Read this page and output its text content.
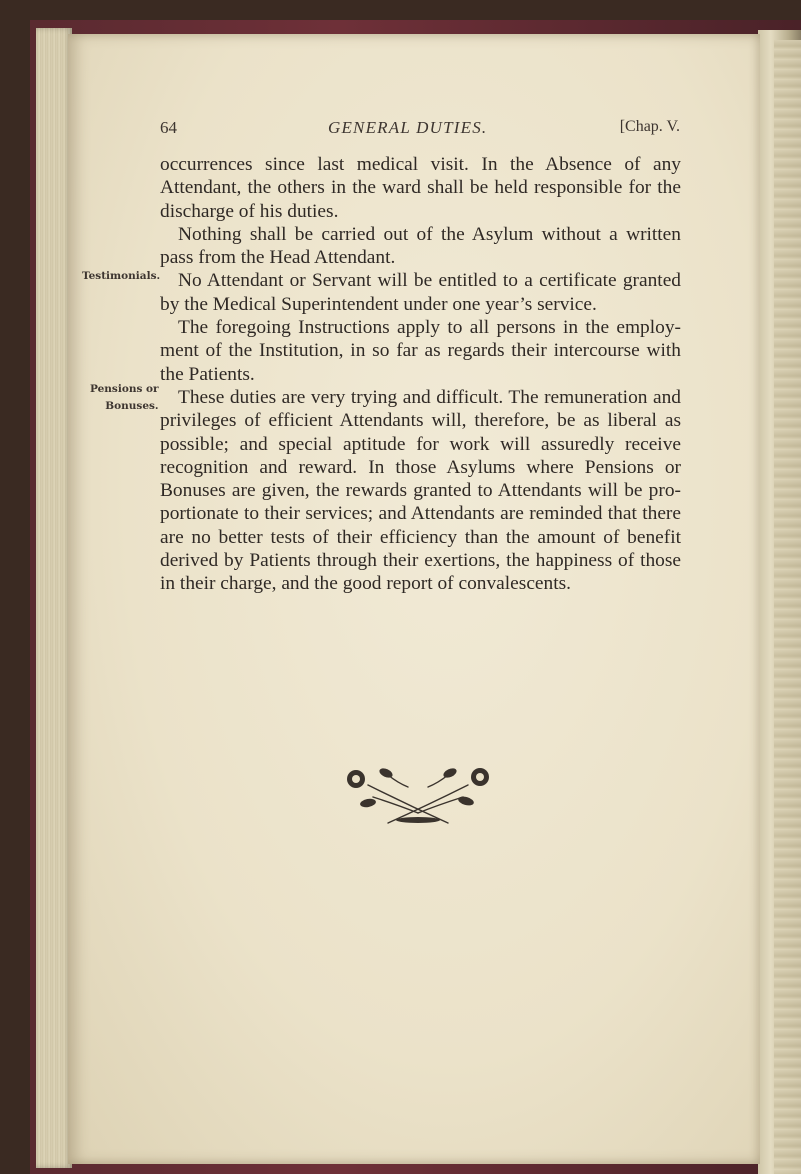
64	GENERAL DUTIES.	[Chap. V.
Testimonials.
Pensions or
Bonuses.

occurrences since last medical visit. In the Absence of any Attendant, the others in the ward shall be held responsible for the discharge of his duties.

Nothing shall be carried out of the Asylum without a written pass from the Head Attendant.

No Attendant or Servant will be entitled to a certificate granted by the Medical Superintendent under one year’s service.

The foregoing Instructions apply to all persons in the employment of the Institution, in so far as regards their intercourse with the Patients.

These duties are very trying and difficult. The remuneration and privileges of efficient Attendants will, therefore, be as liberal as possible; and special aptitude for work will assuredly receive recognition and reward. In those Asylums where Pensions or Bonuses are given, the rewards granted to Attendants will be proportionate to their services; and Attendants are reminded that there are no better tests of their efficiency than the amount of benefit derived by Patients through their exertions, the happiness of those in their charge, and the good report of convalescents.
